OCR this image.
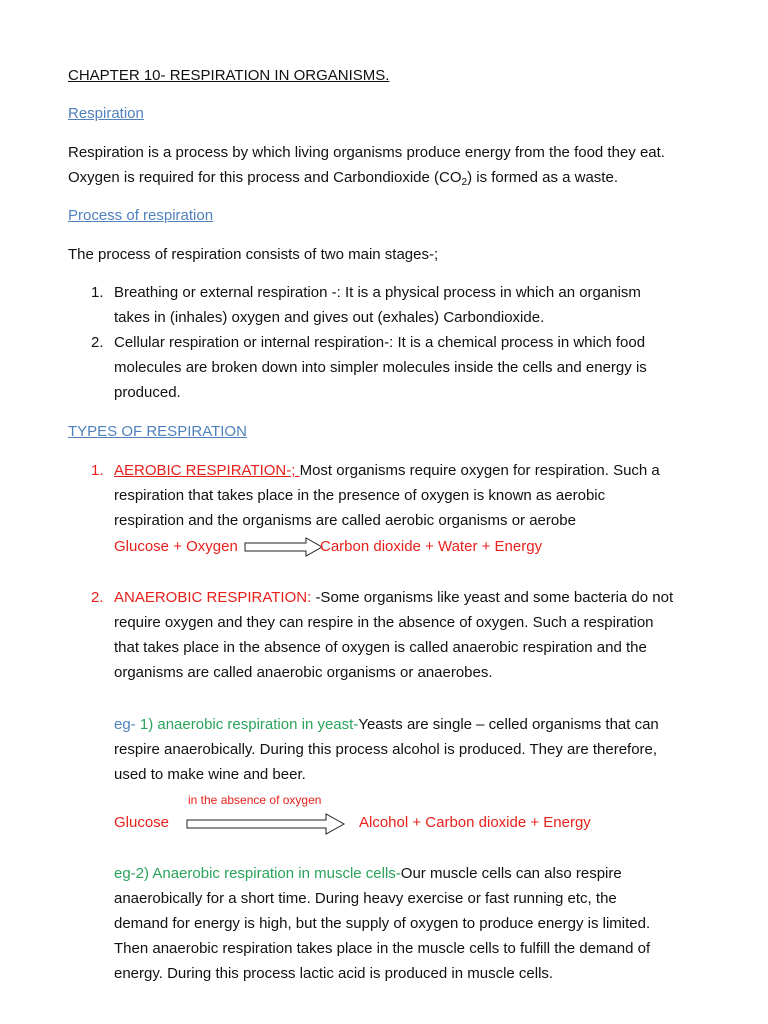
CHAPTER 10- RESPIRATION IN ORGANISMS.
Respiration
Respiration is a process by which living organisms produce energy from the food they eat.
Oxygen is required for this process and Carbondioxide $(CO_2)$ is formed as a waste.
Process of respiration
The process of respiration consists of two main stages-;
1. Breathing or external respiration -: It is a physical process in which an organism
takes in (inhales) oxygen and gives out (exhales) Carbondioxide.
2. Cellular respiration or internal respiration-: It is a chemical process in which food
molecules are broken down into simpler molecules inside the cells and energy is
produced.
TYPES OF RESPIRATION
1. AEROBIC RESPIRATION-; Most organisms require oxygen for respiration. Such a
respiration that takes place in the presence of oxygen is known as aerobic
respiration and the organisms are called aerobic organisms or aerobe
Glucose + Oxygen	Carbon dioxide + Water + Energy
2. ANAEROBIC RESPIRATION: -Some organisms like yeast and some bacteria do not
require oxygen and they can respire in the absence of oxygen. Such a respiration
that takes place in the absence of oxygen is called anaerobic respiration and the
organisms are called anaerobic organisms or anaerobes.
eg- 1) anaerobic respiration in yeast-Yeasts are single – celled organisms that can
respire anaerobically. During this process alcohol is produced. They are therefore,
used to make wine and beer.
in the absence of oxygen
Glucose	Alcohol + Carbon dioxide + Energy
eg-2) Anaerobic respiration in muscle cells-Our muscle cells can also respire
anaerobically for a short time. During heavy exercise or fast running etc, the
demand for energy is high, but the supply of oxygen to produce energy is limited.
Then anaerobic respiration takes place in the muscle cells to fulfill the demand of
energy. During this process lactic acid is produced in muscle cells.
